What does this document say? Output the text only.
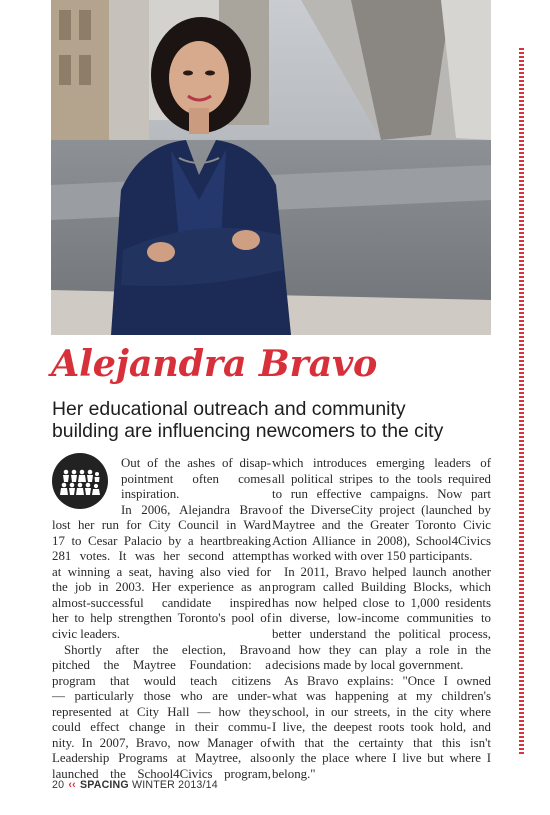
Alejandra Bravo
Her educational outreach and community
building are influencing newcomers to the city
Out of the ashes of disap-
pointment often comes
inspiration.
In 2006, Alejandra Bravo
lost her run for City Council in Ward
17 to Cesar Palacio by a heartbreaking
281 votes. It was her second attempt
at winning a seat, having also vied for
the job in 2003. Her experience as an
almost-successful candidate inspired
her to help strengthen Toronto's pool of
civic leaders.
Shortly after the election, Bravo
pitched the Maytree Foundation: a
program that would teach citizens
— particularly those who are under-
represented at City Hall — how they
could effect change in their commu-
nity. In 2007, Bravo, now Manager of
Leadership Programs at Maytree, also
launched the School4Civics program,
which introduces emerging leaders of
all political stripes to the tools required
to run effective campaigns. Now part
of the DiverseCity project (launched by
Maytree and the Greater Toronto Civic
Action Alliance in 2008), School4Civics
has worked with over 150 participants.
In 2011, Bravo helped launch another
program called Building Blocks, which
has now helped close to 1,000 residents
in diverse, low-income communities to
better understand the political process,
and how they can play a role in the
decisions made by local government.
As Bravo explains: "Once I owned
what was happening at my children's
school, in our streets, in the city where
I live, the deepest roots took hold, and
with that the certainty that this isn't
only the place where I live but where I
belong."
20 ‹‹ SPACING WINTER 2013/14
